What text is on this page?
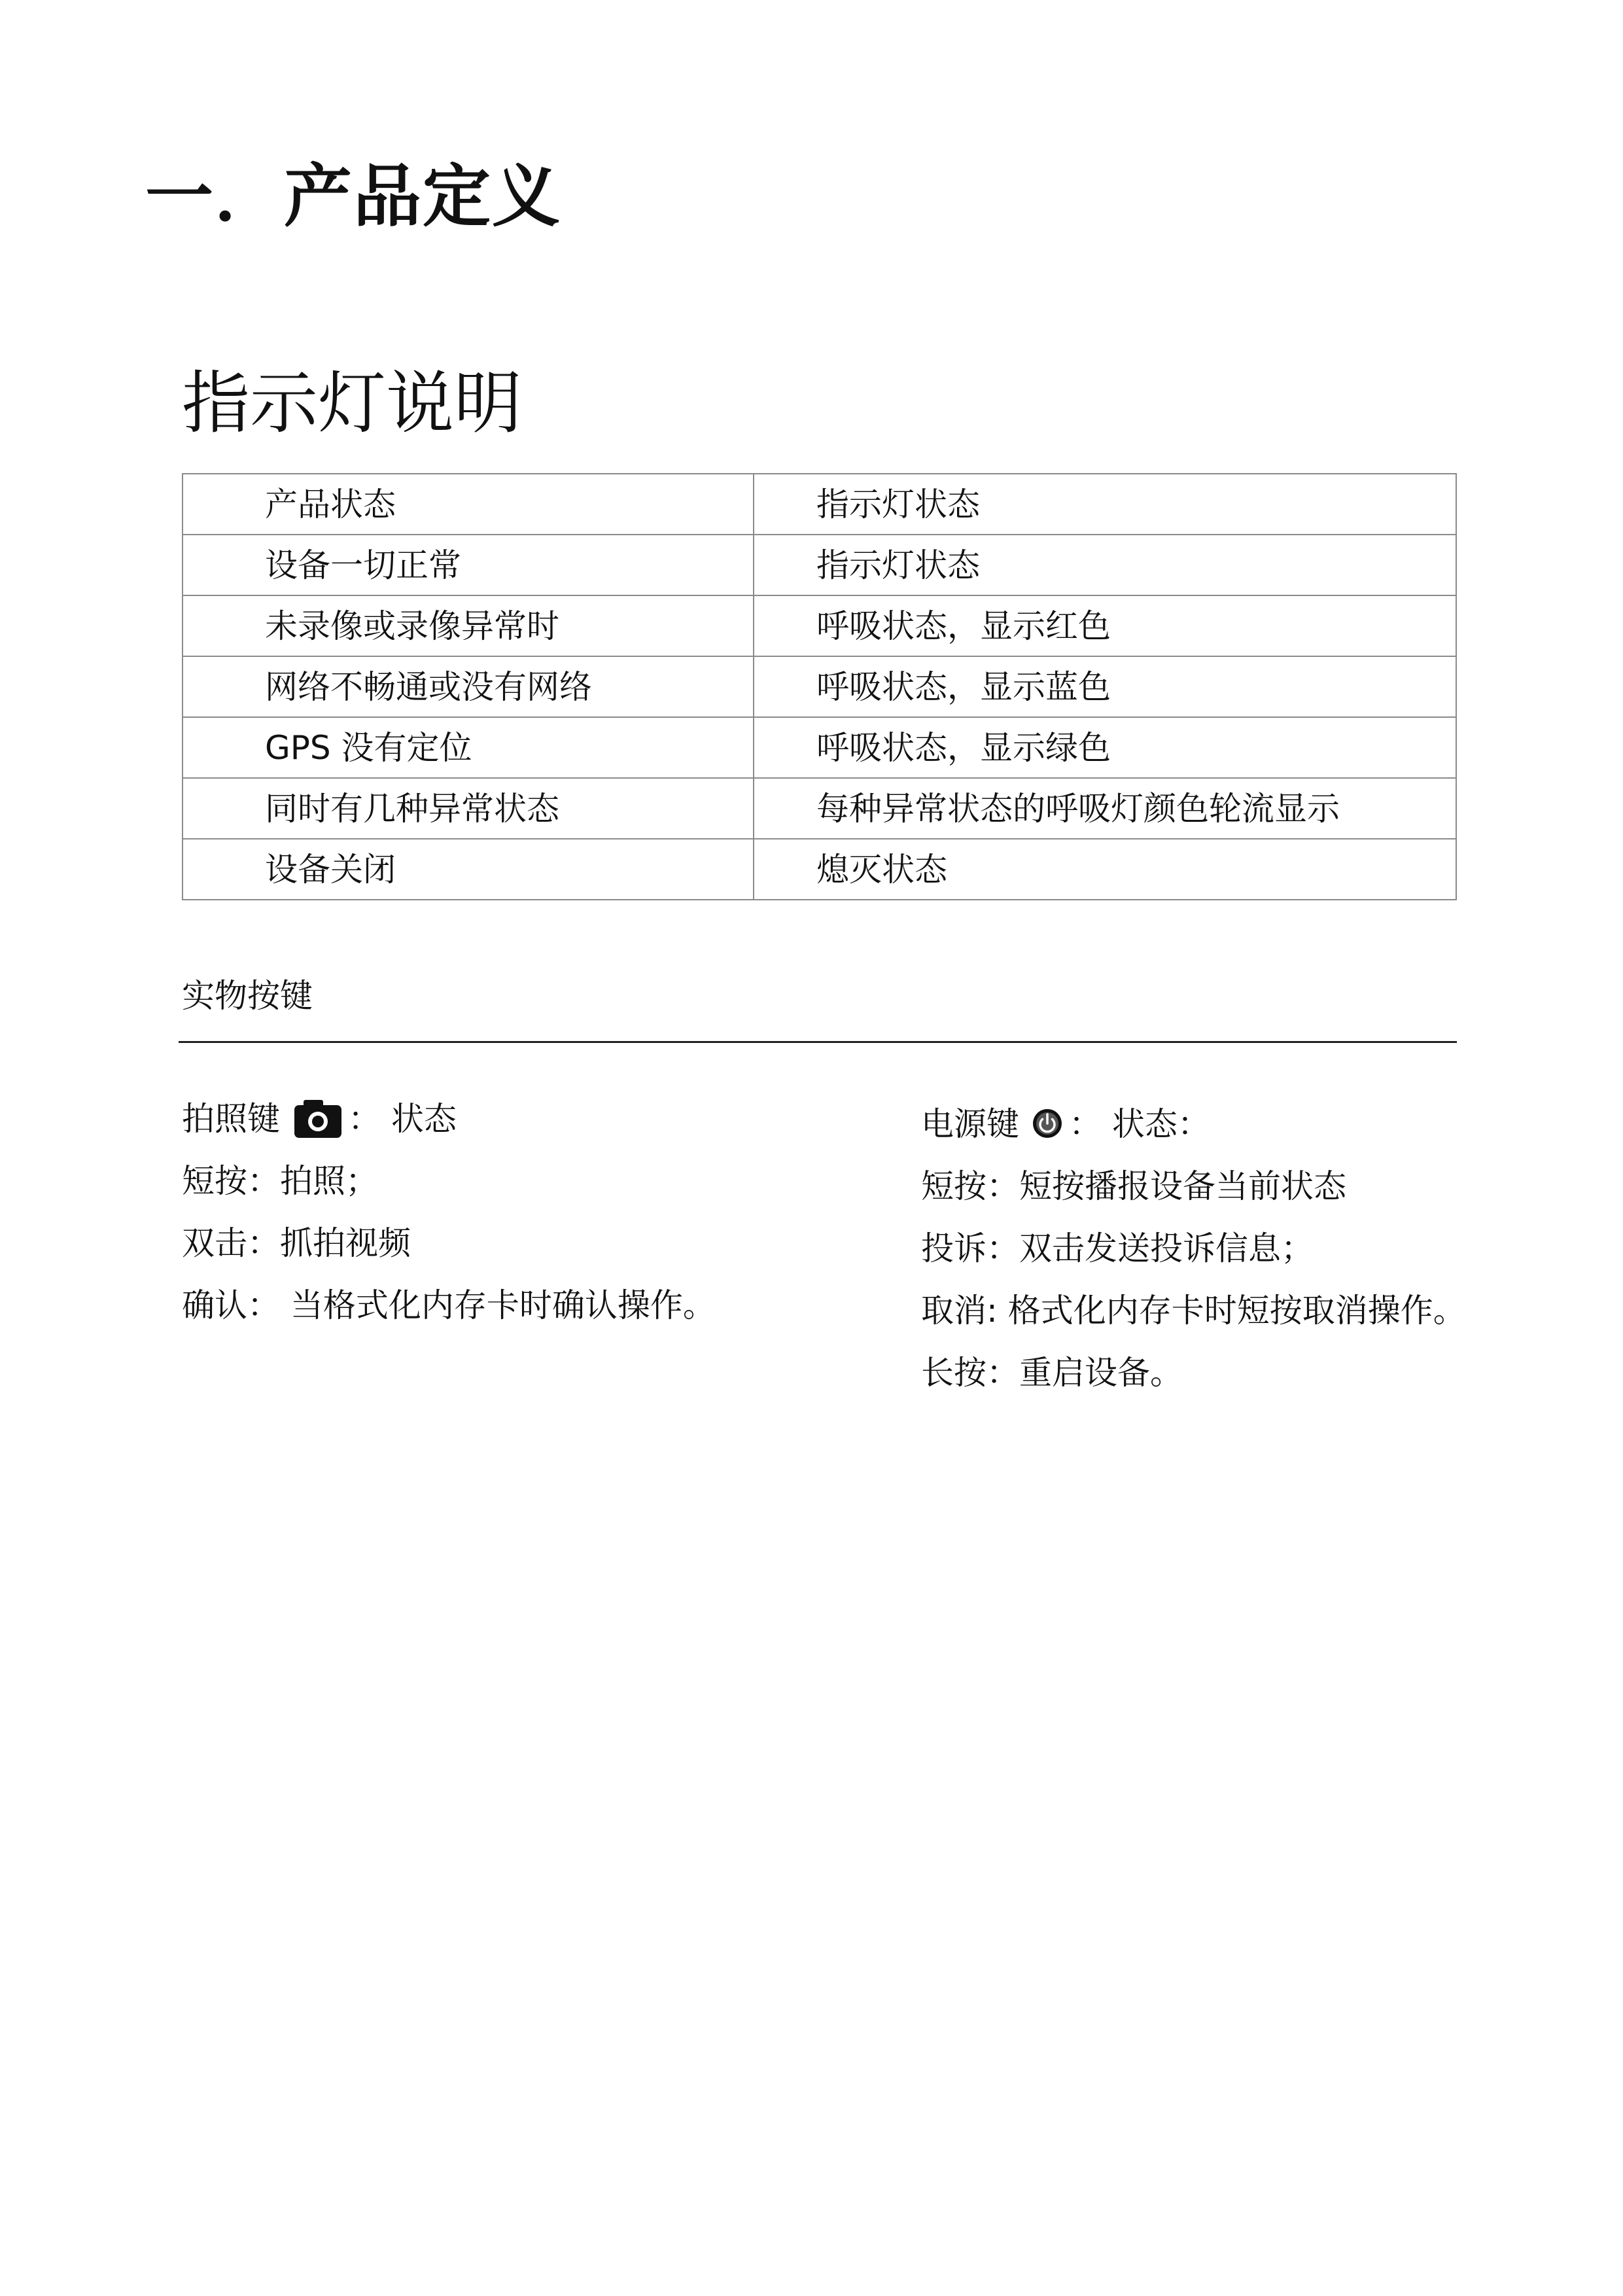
一．产品定义
指示灯说明
产品状态	指示灯状态
设备一切正常	指示灯状态
未录像或录像异常时	呼吸状态，显示红色
网络不畅通或没有网络	呼吸状态，显示蓝色
GPS 没有定位	呼吸状态，显示绿色
同时有几种异常状态	每种异常状态的呼吸灯颜色轮流显示
设备关闭	熄灭状态
实物按键
拍照键 ： 状态
短按：拍照；
双击：抓拍视频
确认： 当格式化内存卡时确认操作。
电源键 ： 状态：
短按：短按播报设备当前状态
投诉：双击发送投诉信息；
取消: 格式化内存卡时短按取消操作。
长按：重启设备。
